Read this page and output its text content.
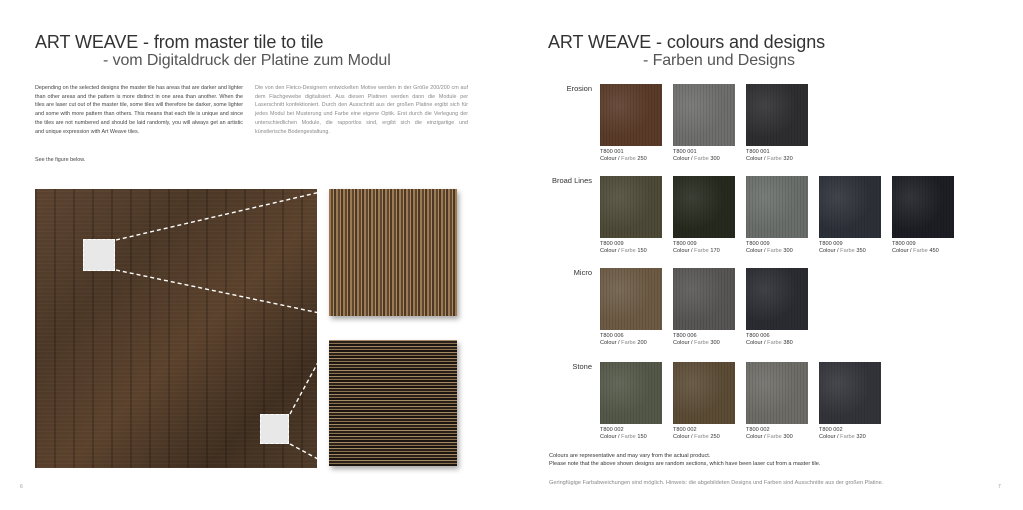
ART WEAVE - from master tile to tile
- vom Digitaldruck der Platine zum Modul
Depending on the selected designs the master tile has areas that are darker and lighter than other areas and the pattern is more distinct in one area than another. When the tiles are laser cut out of the master tile, some tiles will therefore be darker, some lighter and some with more pattern than others. This means that each tile is unique and since the tiles are not numbered and should be laid randomly, you will always get an artistic and unique expression with Art Weave tiles.
Die von den Fletco-Designern entwickelten Motive werden in der Größe 200/200 cm auf dem Flachgewebe digitalisiert. Aus diesen Platinen werden dann die Module per Laserschnitt konfektioniert. Durch den Ausschnitt aus der großen Platine ergibt sich für jedes Modul bei Musterung und Farbe eine eigene Optik. Erst durch die Verlegung der unterschiedlichen Module, die rapportlos sind, ergibt sich die einzigartige und künstlerische Bodengestaltung.
See the figure below.
6
ART WEAVE - colours and designs
- Farben und Designs
Erosion
T800 001
Colour / Farbe 250
T800 001
Colour / Farbe 300
T800 001
Colour / Farbe 320
Broad Lines
T800 009
Colour / Farbe 150
T800 009
Colour / Farbe 170
T800 009
Colour / Farbe 300
T800 009
Colour / Farbe 350
T800 009
Colour / Farbe 450
Micro
T800 006
Colour / Farbe 200
T800 006
Colour / Farbe 300
T800 006
Colour / Farbe 380
Stone
T800 002
Colour / Farbe 150
T800 002
Colour / Farbe 250
T800 002
Colour / Farbe 300
T800 002
Colour / Farbe 320
Colours are representative and may vary from the actual product.
Please note that the above shown designs are random sections, which have been laser cut from a master tile.
Geringfügige Farbabweichungen sind möglich. Hinweis: die abgebildeten Designs und Farben sind Ausschnitte aus der großen Platine.
7
